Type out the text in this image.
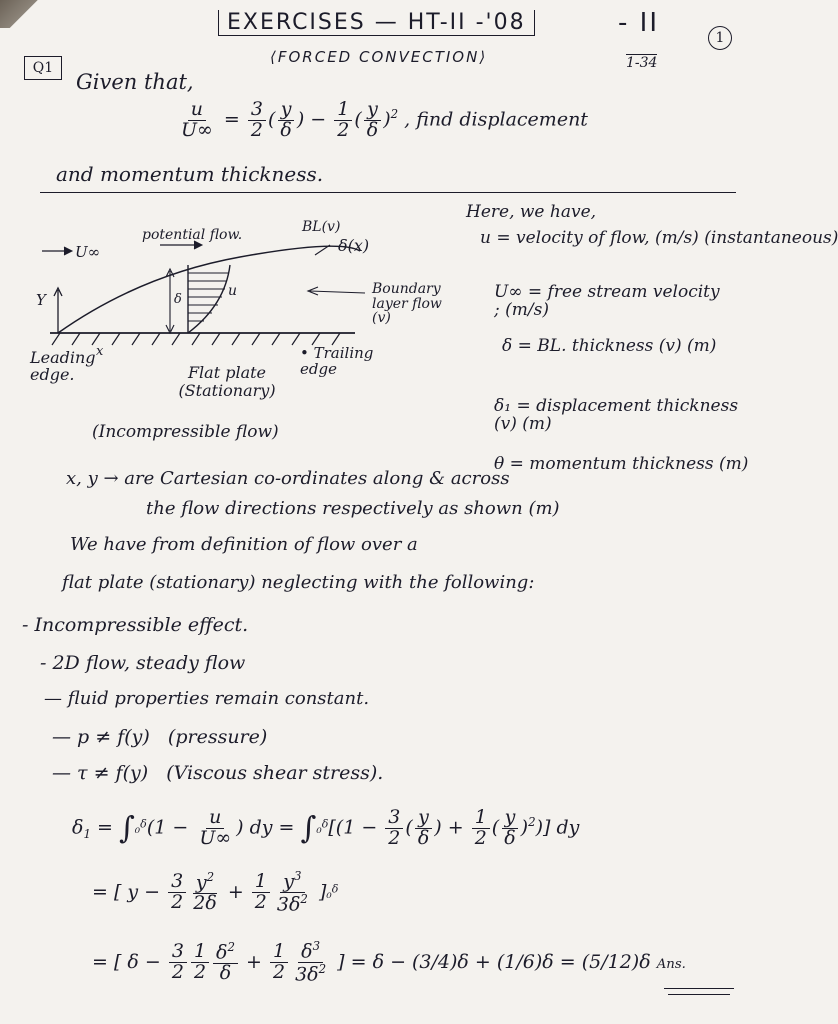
EXERCISES — HT-II -'08	- II	1
⟨FORCED CONVECTION⟩	1-34
Q1
Given that,
$\frac{u}{U\infty} = \frac{3}{2}$ ( $\frac{y}{\delta}$ ) − $\frac{1}{2}$ ( $\frac{y}{\delta} )^2$ , find displacement
and momentum thickness.
U∞
potential flow.	BL(v)
δ(x)
Y
x
δ
u	Boundary layer flow (v)
Leading edge.	Flat plate (Stationary)
• Trailing edge
(Incompressible flow)
Here, we have,
u = velocity of flow, (m/s) (instantaneous)
U∞ = free stream velocity ; (m/s)
δ = BL. thickness (v) (m)
δ₁ = displacement thickness (v) (m)
θ = momentum thickness (m)
x, y → are Cartesian co-ordinates along & across
the flow directions respectively as shown (m)
We have from definition of flow over a
flat plate (stationary) neglecting with the following:
- Incompressible effect.
- 2D flow, steady flow
— fluid properties remain constant.
— p ≠ f(y)   (pressure)
— τ ≠ f(y)   (Viscous shear stress).
$\delta_1 = \int_0^\delta(1 - \frac{u}{U\infty}$ ) dy = $\int_0^\delta[(1 - \frac{3}{2}$ ( $\frac{y}{\delta}$ ) + $\frac{1}{2}$ ( $\frac{y}{\delta} )^2$)] dy
= [ $y - \frac{3}{2} \frac{y^2}{2\delta} + \frac{1}{2} \frac{y^3}{3\delta^2} ]_0^\delta$
= [ $\delta - \frac{3}{2} \frac{1}{2} \frac{\delta^2}{\delta} + \frac{1}{2} \frac{\delta^3}{3\delta^2}$ ] = δ − (3/4)δ + (1/6)δ = (5/12)δ Ans.
